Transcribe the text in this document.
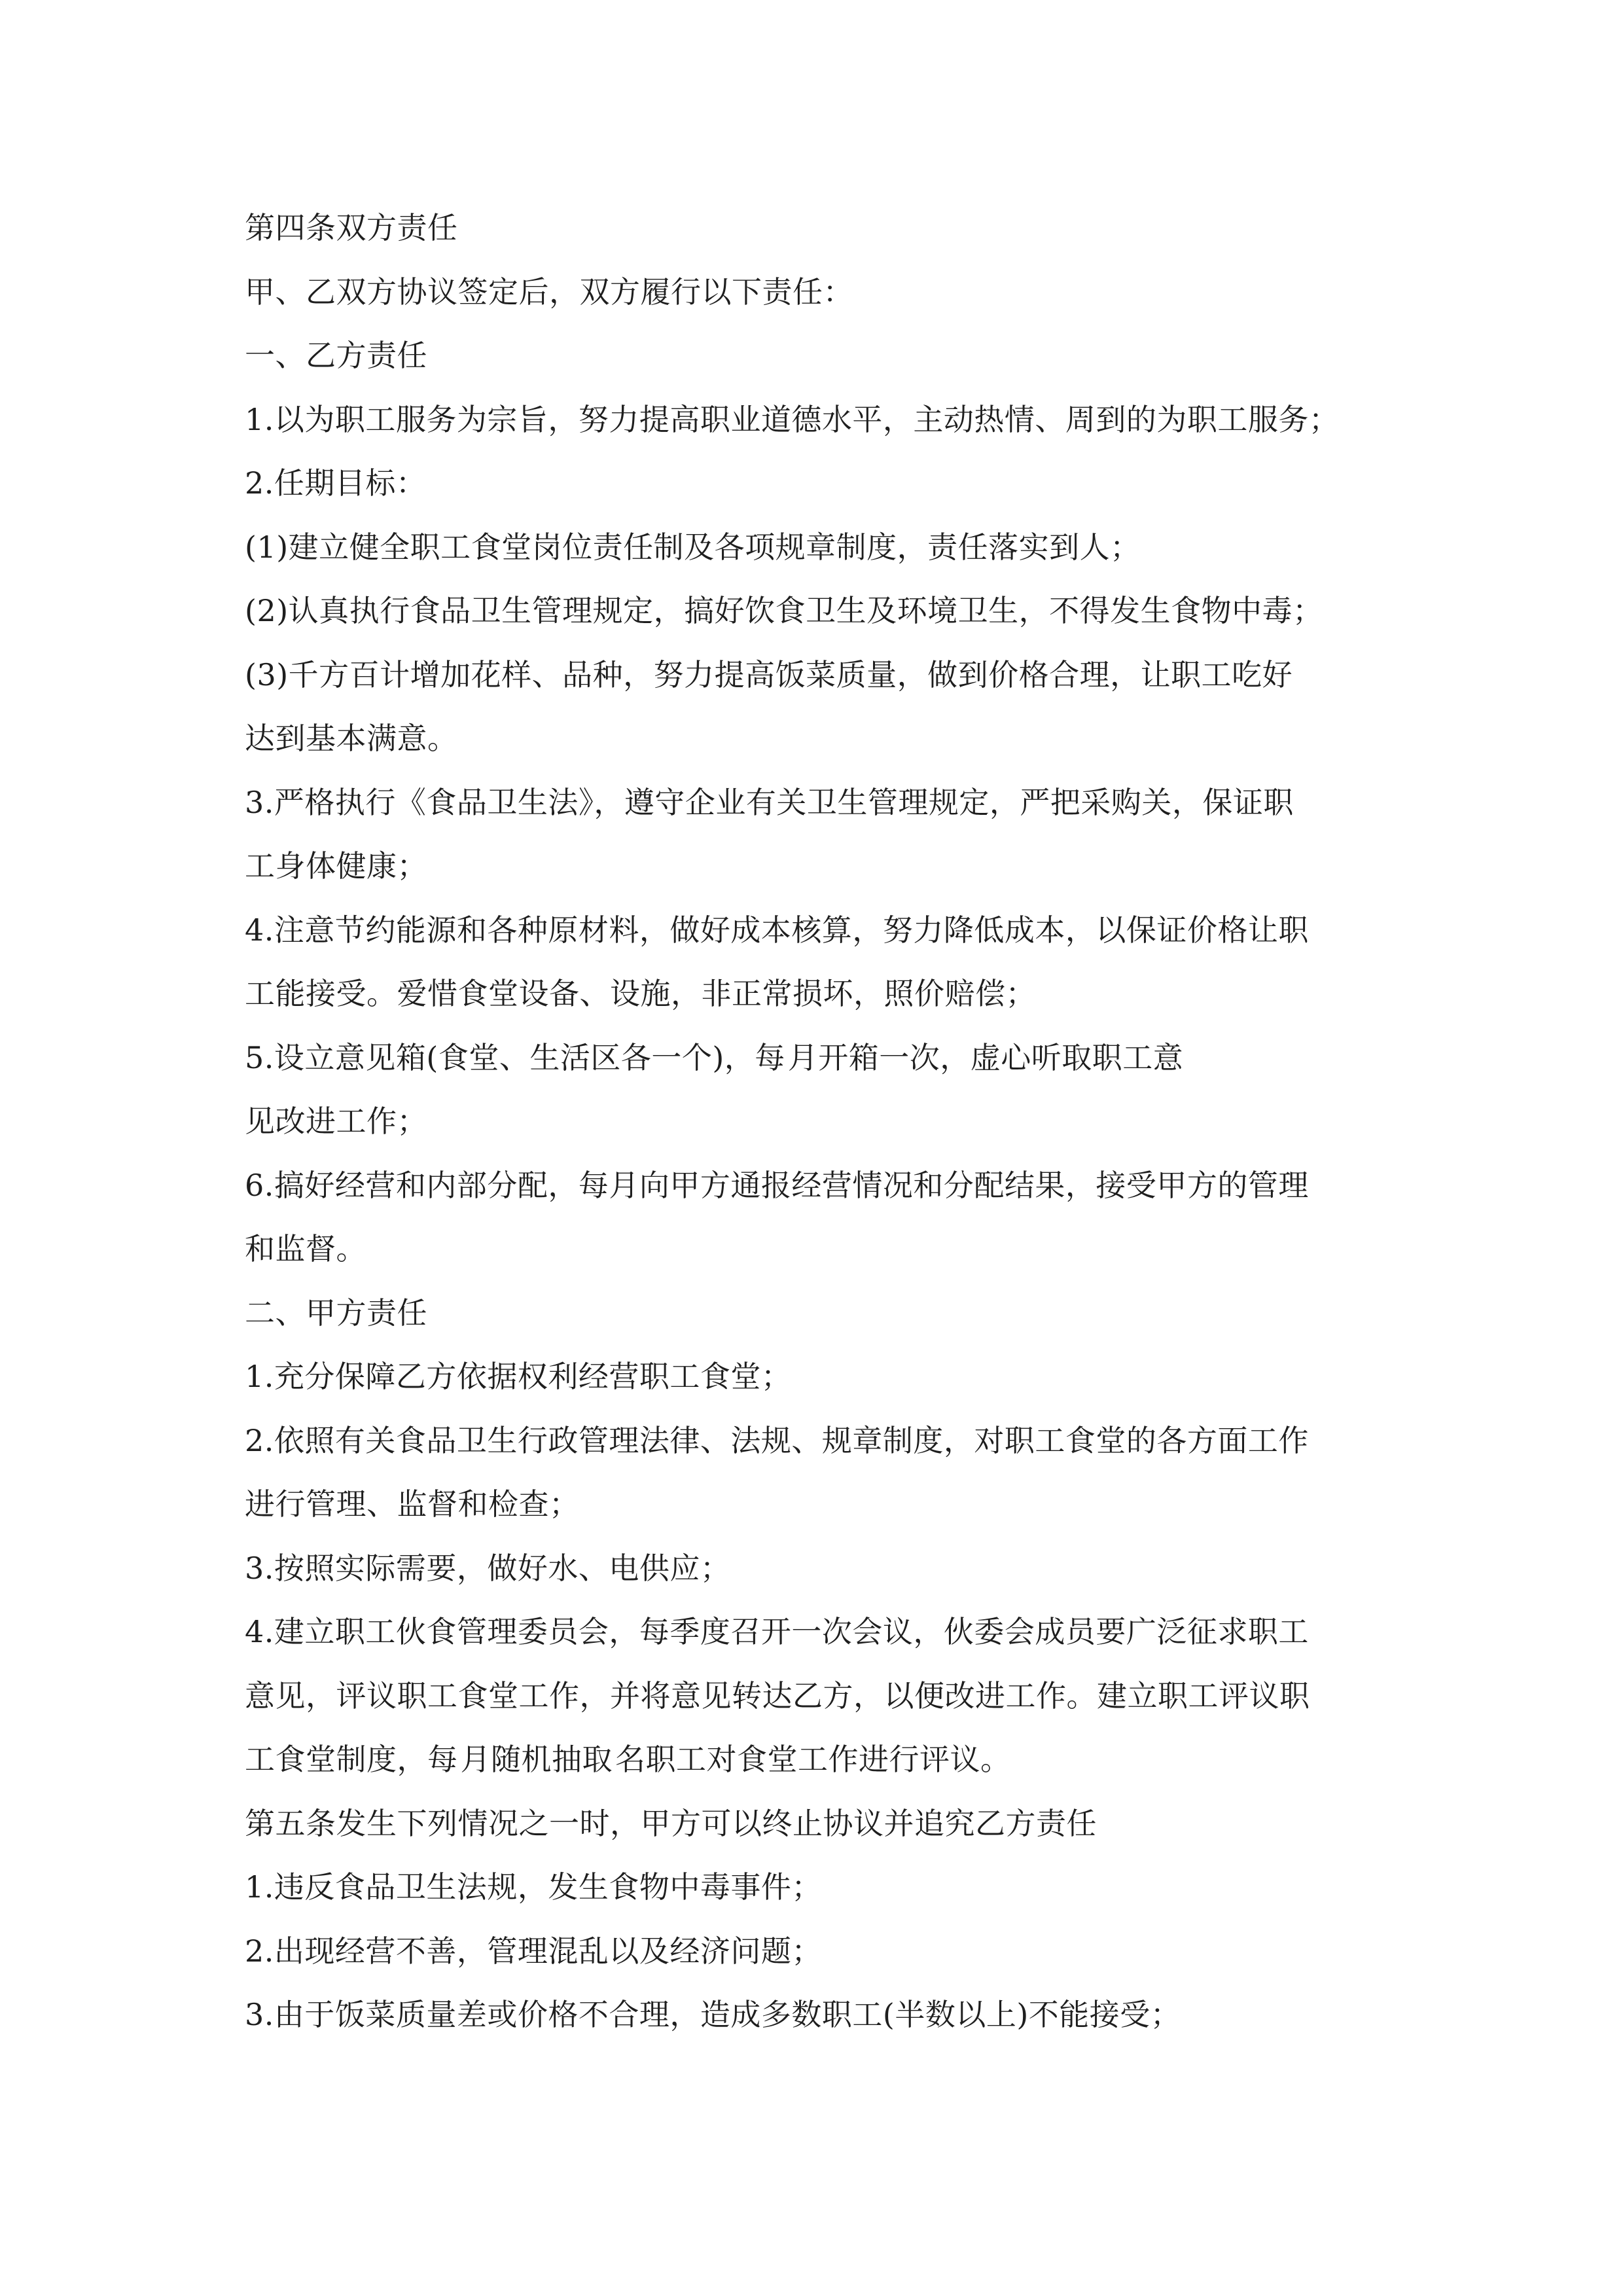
第四条双方责任
甲、乙双方协议签定后，双方履行以下责任：
一、乙方责任
1.以为职工服务为宗旨，努力提高职业道德水平，主动热情、周到的为职工服务；
2.任期目标：
(1)建立健全职工食堂岗位责任制及各项规章制度，责任落实到人；
(2)认真执行食品卫生管理规定，搞好饮食卫生及环境卫生，不得发生食物中毒；
(3)千方百计增加花样、品种，努力提高饭菜质量，做到价格合理，让职工吃好
达到基本满意。
3.严格执行《食品卫生法》，遵守企业有关卫生管理规定，严把采购关，保证职
工身体健康；
4.注意节约能源和各种原材料，做好成本核算，努力降低成本，以保证价格让职
工能接受。爱惜食堂设备、设施，非正常损坏，照价赔偿；
5.设立意见箱(食堂、生活区各一个)，每月开箱一次，虚心听取职工意
见改进工作；
6.搞好经营和内部分配，每月向甲方通报经营情况和分配结果，接受甲方的管理
和监督。
二、甲方责任
1.充分保障乙方依据权利经营职工食堂；
2.依照有关食品卫生行政管理法律、法规、规章制度，对职工食堂的各方面工作
进行管理、监督和检查；
3.按照实际需要，做好水、电供应；
4.建立职工伙食管理委员会，每季度召开一次会议，伙委会成员要广泛征求职工
意见，评议职工食堂工作，并将意见转达乙方，以便改进工作。建立职工评议职
工食堂制度，每月随机抽取名职工对食堂工作进行评议。
第五条发生下列情况之一时，甲方可以终止协议并追究乙方责任
1.违反食品卫生法规，发生食物中毒事件；
2.出现经营不善，管理混乱以及经济问题；
3.由于饭菜质量差或价格不合理，造成多数职工(半数以上)不能接受；
